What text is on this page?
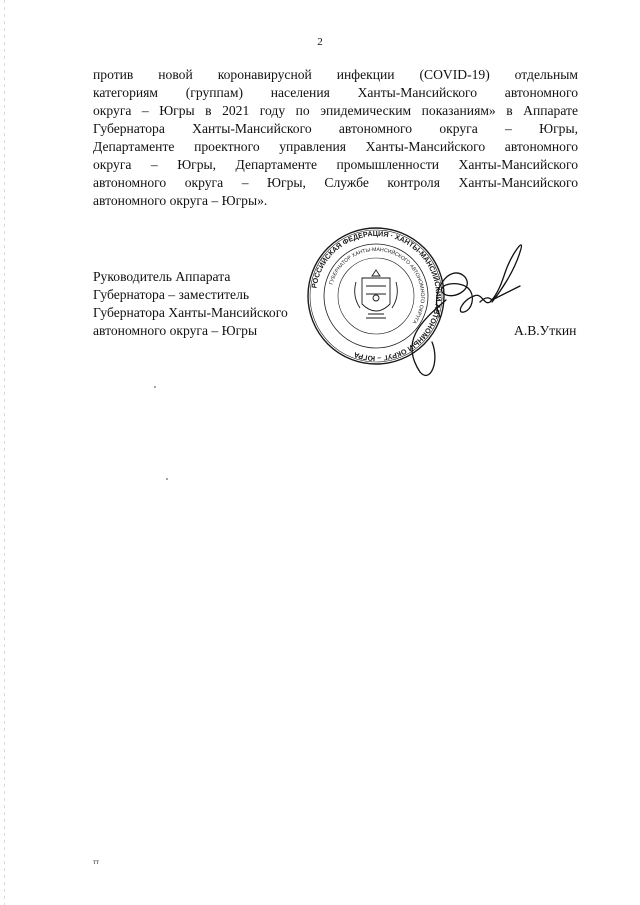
2
против новой коронавирусной инфекции (COVID-19) отдельным
категориям (группам) населения Ханты-Мансийского автономного
округа – Югры в 2021 году по эпидемическим показаниям» в Аппарате
Губернатора Ханты-Мансийского автономного округа – Югры,
Департаменте проектного управления Ханты-Мансийского автономного
округа – Югры, Департаменте промышленности Ханты-Мансийского
автономного округа – Югры, Службе контроля Ханты-Мансийского
автономного округа – Югры».
РОССИЙСКАЯ ФЕДЕРАЦИЯ · ХАНТЫ-МАНСИЙСКИЙ АВТОНОМНЫЙ ОКРУГ – ЮГРА
ГУБЕРНАТОР ХАНТЫ-МАНСИЙСКОГО АВТОНОМНОГО ОКРУГА
Руководитель Аппарата
Губернатора – заместитель
Губернатора Ханты-Мансийского
автономного округа – Югры	А.В.Уткин
тт
